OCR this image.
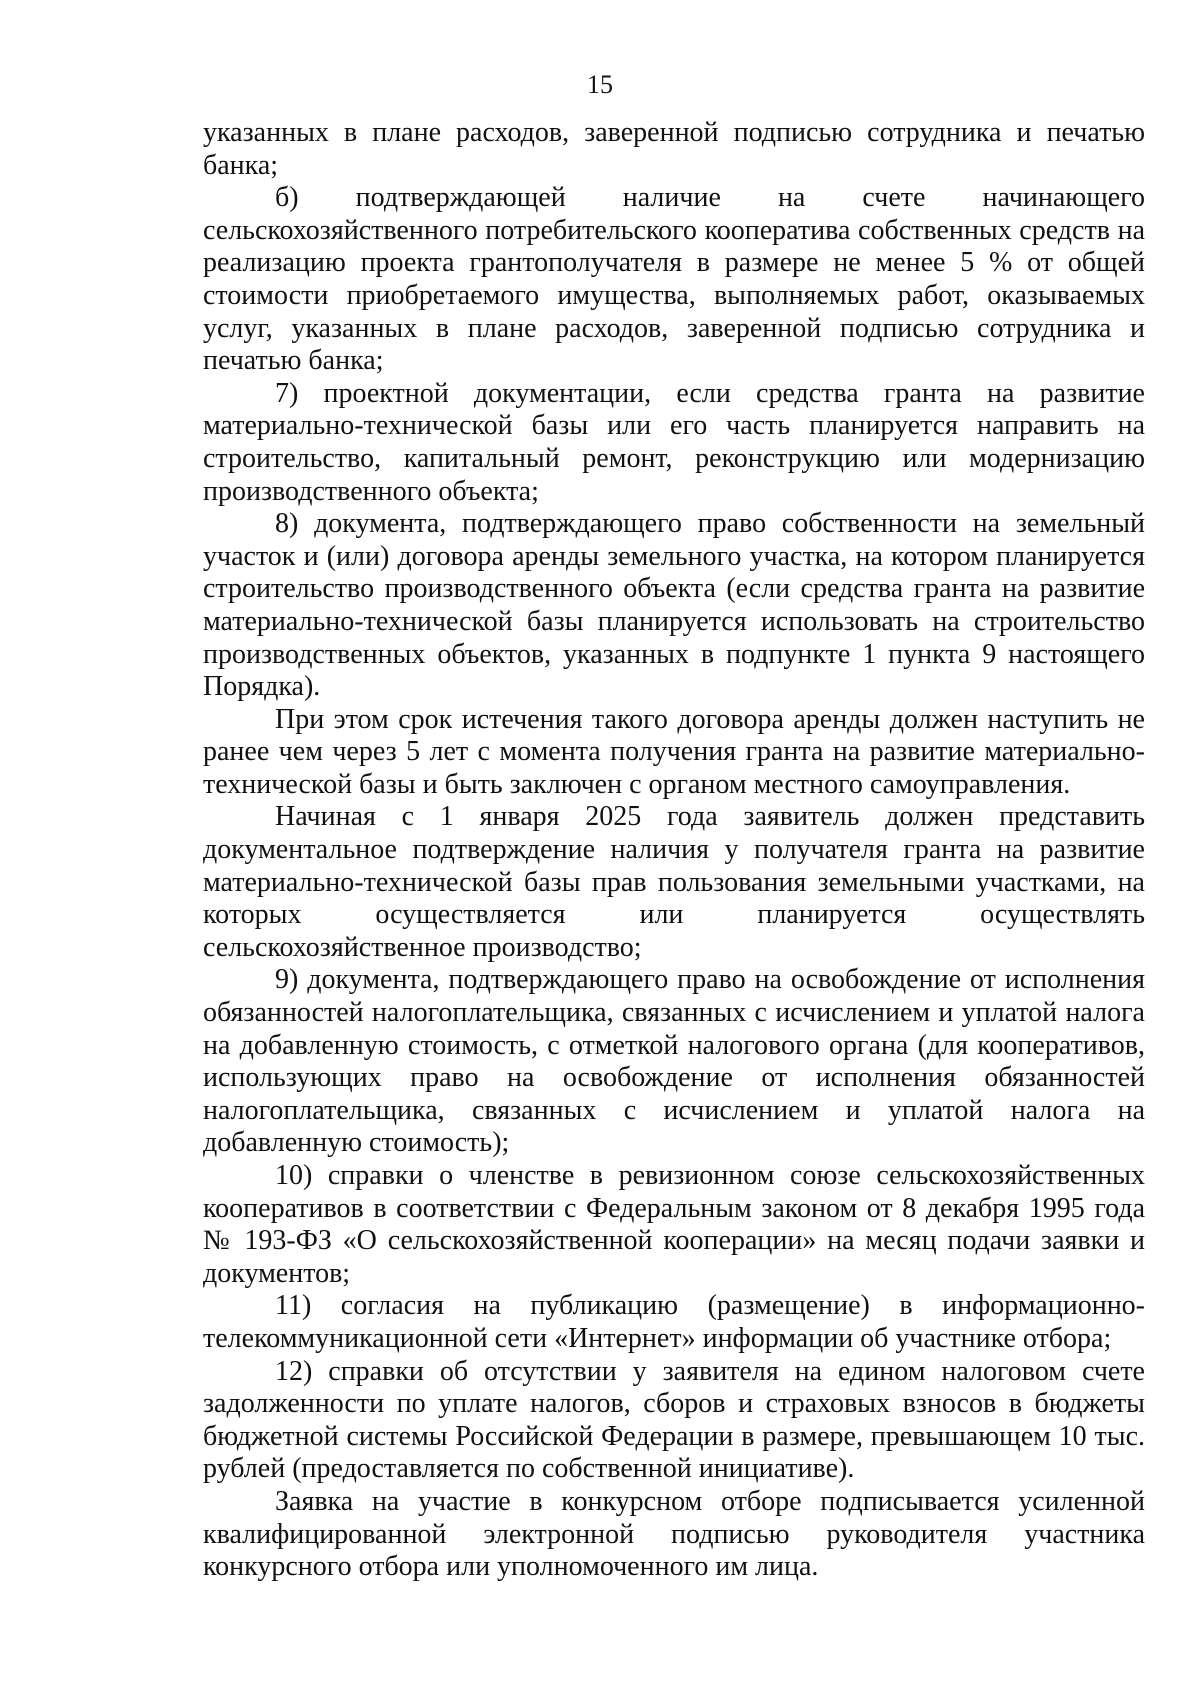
15

указанных в плане расходов, заверенной подписью сотрудника и печатью банка;

б) подтверждающей наличие на счете начинающего сельскохозяйственного потребительского кооператива собственных средств на реализацию проекта грантополучателя в размере не менее 5 % от общей стоимости приобретаемого имущества, выполняемых работ, оказываемых услуг, указанных в плане расходов, заверенной подписью сотрудника и печатью банка;

7) проектной документации, если средства гранта на развитие материально-технической базы или его часть планируется направить на строительство, капитальный ремонт, реконструкцию или модернизацию производственного объекта;

8) документа, подтверждающего право собственности на земельный участок и (или) договора аренды земельного участка, на котором планируется строительство производственного объекта (если средства гранта на развитие материально-технической базы планируется использовать на строительство производственных объектов, указанных в подпункте 1 пункта 9 настоящего Порядка).

При этом срок истечения такого договора аренды должен наступить не ранее чем через 5 лет с момента получения гранта на развитие материально-технической базы и быть заключен с органом местного самоуправления.

Начиная с 1 января 2025 года заявитель должен представить документальное подтверждение наличия у получателя гранта на развитие материально-технической базы прав пользования земельными участками, на которых осуществляется или планируется осуществлять сельскохозяйственное производство;

9) документа, подтверждающего право на освобождение от исполнения обязанностей налогоплательщика, связанных с исчислением и уплатой налога на добавленную стоимость, с отметкой налогового органа (для кооперативов, использующих право на освобождение от исполнения обязанностей налогоплательщика, связанных с исчислением и уплатой налога на добавленную стоимость);

10) справки о членстве в ревизионном союзе сельскохозяйственных кооперативов в соответствии с Федеральным законом от 8 декабря 1995 года № 193-ФЗ «О сельскохозяйственной кооперации» на месяц подачи заявки и документов;

11) согласия на публикацию (размещение) в информационно-телекоммуникационной сети «Интернет» информации об участнике отбора;

12) справки об отсутствии у заявителя на едином налоговом счете задолженности по уплате налогов, сборов и страховых взносов в бюджеты бюджетной системы Российской Федерации в размере, превышающем 10 тыс. рублей (предоставляется по собственной инициативе).

Заявка на участие в конкурсном отборе подписывается усиленной квалифицированной электронной подписью руководителя участника конкурсного отбора или уполномоченного им лица.
